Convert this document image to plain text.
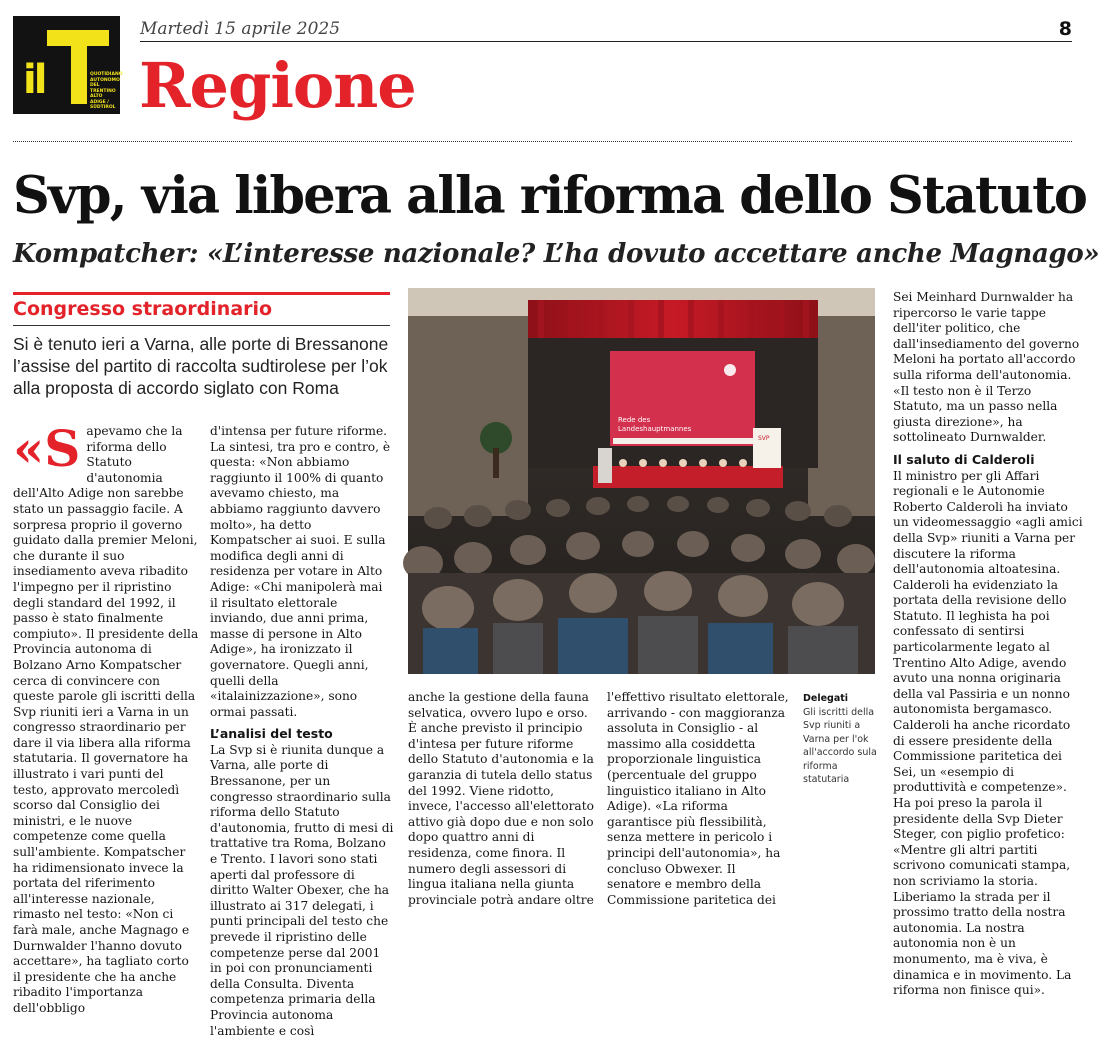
il	QUOTIDIANO AUTONOMO DEL TRENTINO ALTO ADIGE / SÜDTIROL
Martedì 15 aprile 2025	8
Regione
Svp, via libera alla riforma dello Statuto
Kompatcher: «L’interesse nazionale? L’ha dovuto accettare anche Magnago»
Congresso straordinario
Si è tenuto ieri a Varna, alle porte di Bressanone l’assise del partito di raccolta sudtirolese per l’ok alla proposta di accordo siglato con Roma
«S apevamo che la riforma dello Statuto d'autonomia dell'Alto Adige non sarebbe stato un passaggio facile. A sorpresa proprio il governo guidato dalla premier Meloni, che durante il suo insediamento aveva ribadito l'impegno per il ripristino degli standard del 1992, il passo è stato finalmente compiuto». Il presidente della Provincia autonoma di Bolzano Arno Kompatscher cerca di convincere con queste parole gli iscritti della Svp riuniti ieri a Varna in un congresso straordinario per dare il via libera alla riforma statutaria. Il governatore ha illustrato i vari punti del testo, approvato mercoledì scorso dal Consiglio dei ministri, e le nuove competenze come quella sull'ambiente. Kompatscher ha ridimensionato invece la portata del riferimento all'interesse nazionale, rimasto nel testo: «Non ci farà male, anche Magnago e Durnwalder l'hanno dovuto accettare», ha tagliato corto il presidente che ha anche ribadito l'importanza dell'obbligo

d'intensa per future riforme. La sintesi, tra pro e contro, è questa: «Non abbiamo raggiunto il 100% di quanto avevamo chiesto, ma abbiamo raggiunto davvero molto», ha detto Kompatscher ai suoi. E sulla modifica degli anni di residenza per votare in Alto Adige: «Chi manipolerà mai il risultato elettorale inviando, due anni prima, masse di persone in Alto Adige», ha ironizzato il governatore. Quegli anni, quelli della «italainizzazione», sono ormai passati.

L’analisi del testo

La Svp si è riunita dunque a Varna, alle porte di Bressanone, per un congresso straordinario sulla riforma dello Statuto d'autonomia, frutto di mesi di trattative tra Roma, Bolzano e Trento. I lavori sono stati aperti dal professore di diritto Walter Obexer, che ha illustrato ai 317 delegati, i punti principali del testo che prevede il ripristino delle competenze perse dal 2001 in poi con pronunciamenti della Consulta. Diventa competenza primaria della Provincia autonoma l'ambiente e così

anche la gestione della fauna selvatica, ovvero lupo e orso. È anche previsto il principio d'intesa per future riforme dello Statuto d'autonomia e la garanzia di tutela dello status del 1992. Viene ridotto, invece, l'accesso all'elettorato attivo già dopo due e non solo dopo quattro anni di residenza, come finora. Il numero degli assessori di lingua italiana nella giunta provinciale potrà andare oltre

l'effettivo risultato elettorale, arrivando - con maggioranza assoluta in Consiglio - al massimo alla cosiddetta proporzionale linguistica (percentuale del gruppo linguistico italiano in Alto Adige). «La riforma garantisce più flessibilità, senza mettere in pericolo i principi dell'autonomia», ha concluso Obwexer. Il senatore e membro della Commissione paritetica dei

Sei Meinhard Durnwalder ha ripercorso le varie tappe dell'iter politico, che dall'insediamento del governo Meloni ha portato all'accordo sulla riforma dell'autonomia. «Il testo non è il Terzo Statuto, ma un passo nella giusta direzione», ha sottolineato Durnwalder.

Il saluto di Calderoli

Il ministro per gli Affari regionali e le Autonomie Roberto Calderoli ha inviato un videomessaggio «agli amici della Svp» riuniti a Varna per discutere la riforma dell'autonomia altoatesina. Calderoli ha evidenziato la portata della revisione dello Statuto. Il leghista ha poi confessato di sentirsi particolarmente legato al Trentino Alto Adige, avendo avuto una nonna originaria della val Passiria e un nonno autonomista bergamasco. Calderoli ha anche ricordato di essere presidente della Commissione paritetica dei Sei, un «esempio di produttività e competenze». Ha poi preso la parola il presidente della Svp Dieter Steger, con piglio profetico: «Mentre gli altri partiti scrivono comunicati stampa, non scriviamo la storia. Liberiamo la strada per il prossimo tratto della nostra autonomia. La nostra autonomia non è un monumento, ma è viva, è dinamica e in movimento. La riforma non finisce qui».

Rede des
Landeshauptmannes
SVP
Delegati
Gli iscritti della Svp riuniti a Varna per l'ok all'accordo sula riforma statutaria
